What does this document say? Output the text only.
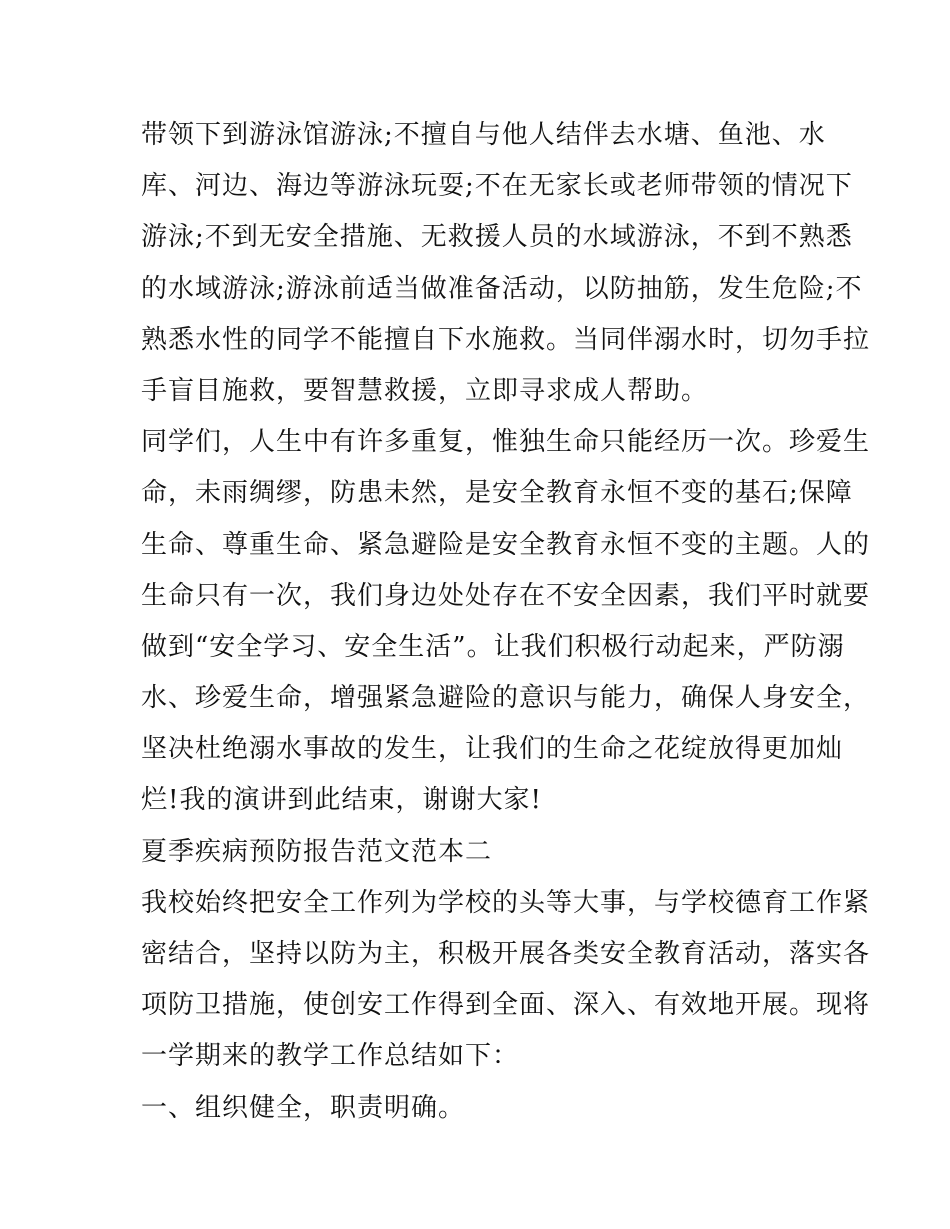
带领下到游泳馆游泳;不擅自与他人结伴去水塘、鱼池、水
库、河边、海边等游泳玩耍;不在无家长或老师带领的情况下
游泳;不到无安全措施、无救援人员的水域游泳，不到不熟悉
的水域游泳;游泳前适当做准备活动，以防抽筋，发生危险;不
熟悉水性的同学不能擅自下水施救。当同伴溺水时，切勿手拉
手盲目施救，要智慧救援，立即寻求成人帮助。
同学们，人生中有许多重复，惟独生命只能经历一次。珍爱生
命，未雨绸缪，防患未然，是安全教育永恒不变的基石;保障
生命、尊重生命、紧急避险是安全教育永恒不变的主题。人的
生命只有一次，我们身边处处存在不安全因素，我们平时就要
做到“安全学习、安全生活”。让我们积极行动起来，严防溺
水、珍爱生命，增强紧急避险的意识与能力，确保人身安全，
坚决杜绝溺水事故的发生，让我们的生命之花绽放得更加灿
烂!我的演讲到此结束，谢谢大家!
夏季疾病预防报告范文范本二
我校始终把安全工作列为学校的头等大事，与学校德育工作紧
密结合，坚持以防为主，积极开展各类安全教育活动，落实各
项防卫措施，使创安工作得到全面、深入、有效地开展。现将
一学期来的教学工作总结如下：
一、组织健全，职责明确。
